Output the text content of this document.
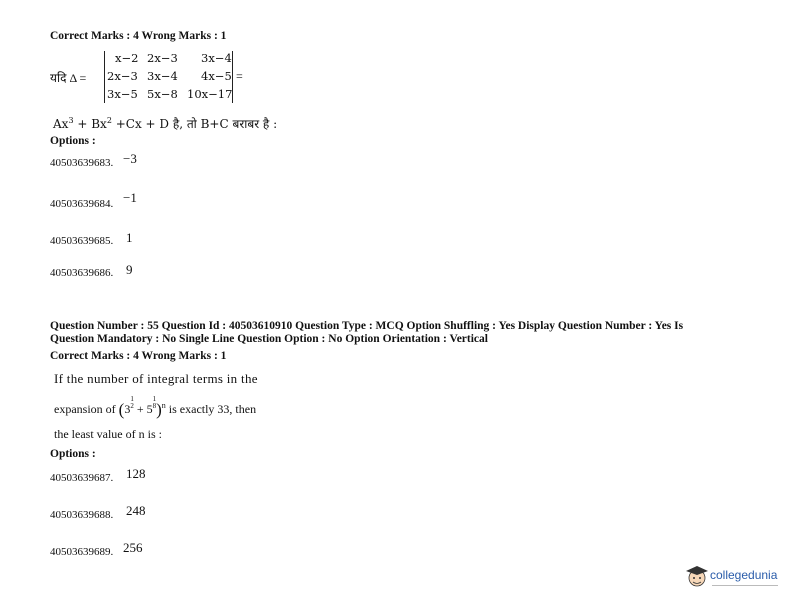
Correct Marks : 4 Wrong Marks : 1
यदि Δ =
x−2 2x−3 3x−4
2x−3 3x−4 4x−5
3x−5 5x−8 10x−17
=
$Ax^3 + Bx^2 +Cx + D$ है, तो B+C बराबर है :
Options :
40503639683. −3
40503639684. −1
40503639685. 1
40503639686. 9
Question Number : 55 Question Id : 40503610910 Question Type : MCQ Option Shuffling : Yes Display Question Number : Yes Is
Question Mandatory : No Single Line Question Option : No Option Orientation : Vertical
Correct Marks : 4 Wrong Marks : 1
If the number of integral terms in the
expansion of (31
2 + 51
8)$^n$ is exactly 33, then
the least value of n is :
Options :
40503639687. 128
40503639688. 248
40503639689. 256
collegedunia
